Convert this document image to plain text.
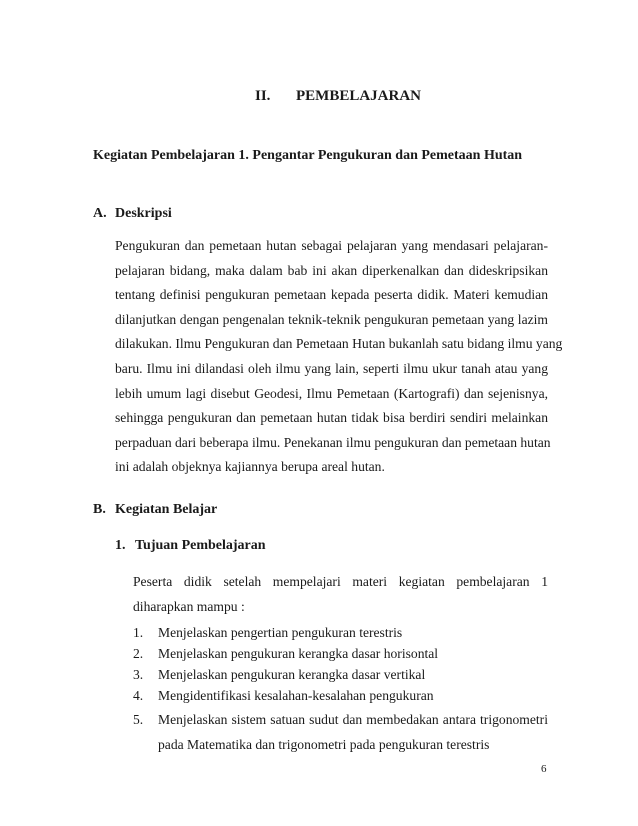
II. PEMBELAJARAN
Kegiatan Pembelajaran 1. Pengantar Pengukuran dan Pemetaan Hutan
A. Deskripsi
Pengukuran dan pemetaan hutan sebagai pelajaran yang mendasari pelajaran-
pelajaran bidang, maka dalam bab ini akan diperkenalkan dan dideskripsikan
tentang definisi pengukuran pemetaan kepada peserta didik. Materi kemudian
dilanjutkan dengan pengenalan teknik-teknik pengukuran pemetaan yang lazim
dilakukan. Ilmu Pengukuran dan Pemetaan Hutan bukanlah satu bidang ilmu yang
baru. Ilmu ini dilandasi oleh ilmu yang lain, seperti ilmu ukur tanah atau yang
lebih umum lagi disebut Geodesi, Ilmu Pemetaan (Kartografi) dan sejenisnya,
sehingga pengukuran dan pemetaan hutan tidak bisa berdiri sendiri melainkan
perpaduan dari beberapa ilmu. Penekanan ilmu pengukuran dan pemetaan hutan
ini adalah objeknya kajiannya berupa areal hutan.
B. Kegiatan Belajar
1. Tujuan Pembelajaran
Peserta didik setelah mempelajari materi kegiatan pembelajaran 1
diharapkan mampu :
1. Menjelaskan pengertian pengukuran terestris
2. Menjelaskan pengukuran kerangka dasar horisontal
3. Menjelaskan pengukuran kerangka dasar vertikal
4. Mengidentifikasi kesalahan-kesalahan pengukuran
5. Menjelaskan sistem satuan sudut dan membedakan antara trigonometri
pada Matematika dan trigonometri pada pengukuran terestris
6
